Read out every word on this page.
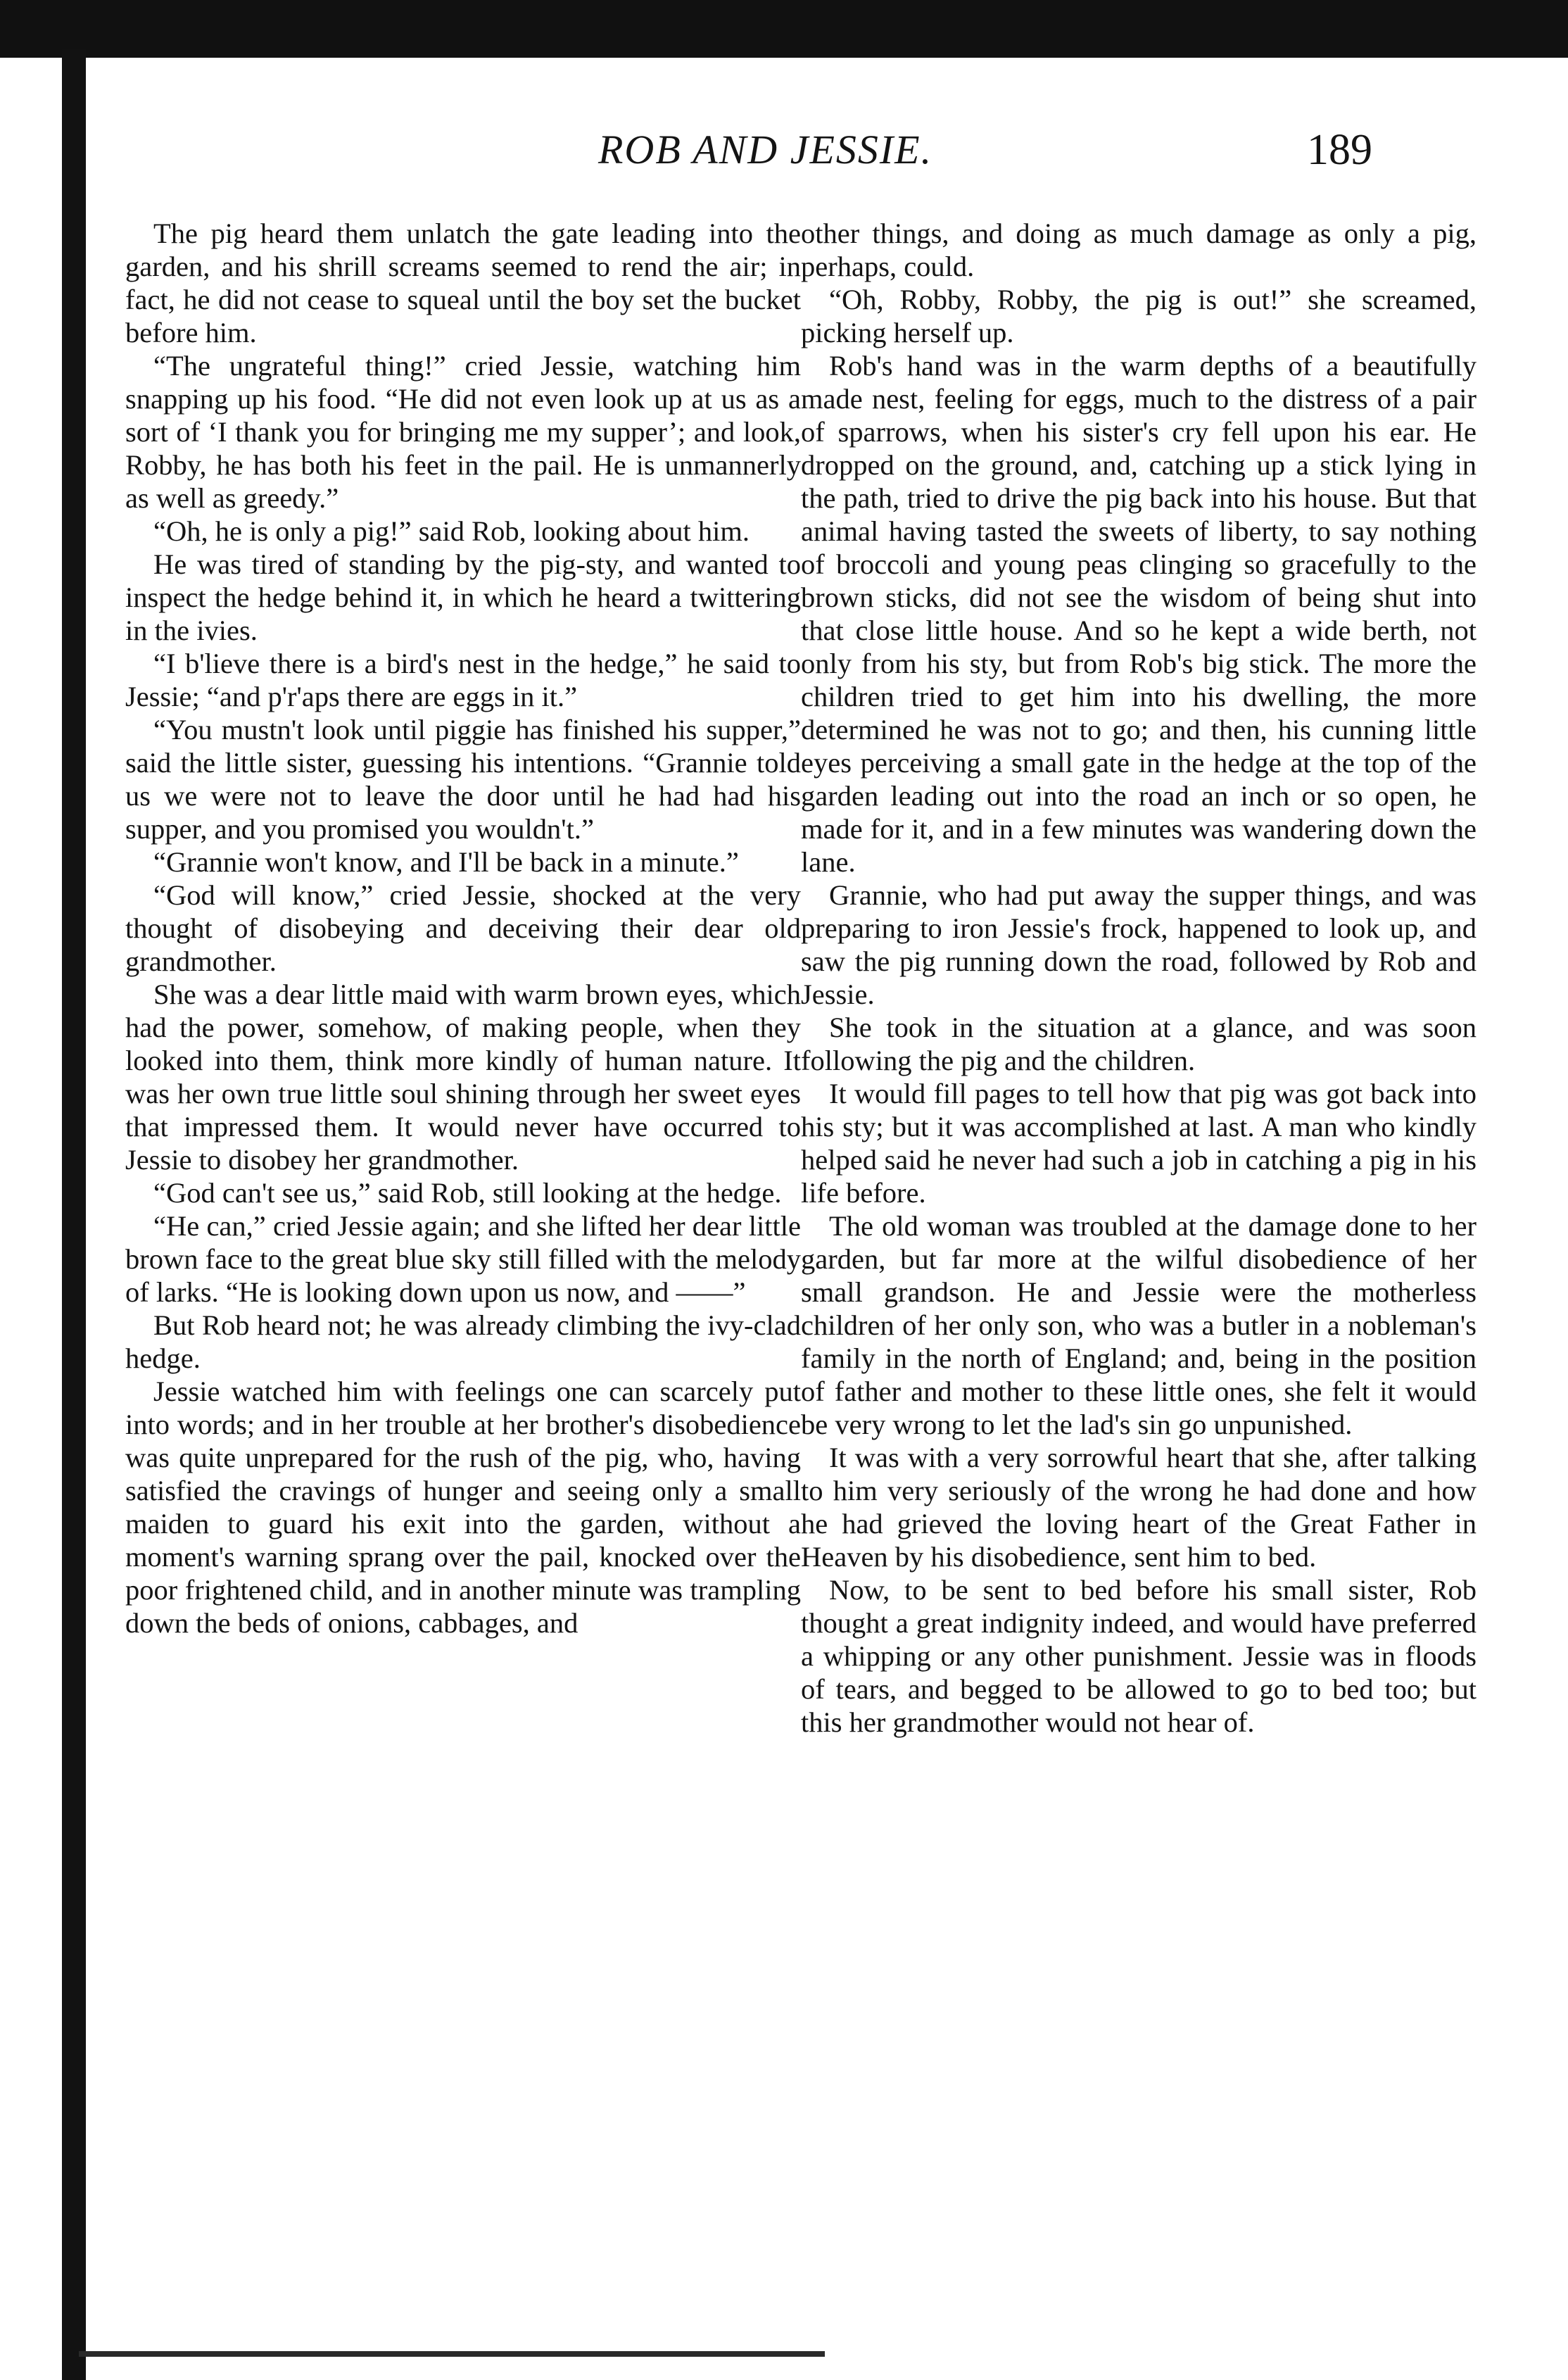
ROB AND JESSIE.	189

The pig heard them unlatch the gate leading into the garden, and his shrill screams seemed to rend the air; in fact, he did not cease to squeal until the boy set the bucket before him.

“The ungrateful thing!” cried Jessie, watching him snapping up his food. “He did not even look up at us as a sort of ‘I thank you for bringing me my supper’; and look, Robby, he has both his feet in the pail. He is unmannerly as well as greedy.”

“Oh, he is only a pig!” said Rob, looking about him.

He was tired of standing by the pig-sty, and wanted to inspect the hedge behind it, in which he heard a twittering in the ivies.

“I b'lieve there is a bird's nest in the hedge,” he said to Jessie; “and p'r'aps there are eggs in it.”

“You mustn't look until piggie has finished his supper,” said the little sister, guessing his intentions. “Grannie told us we were not to leave the door until he had had his supper, and you promised you wouldn't.”

“Grannie won't know, and I'll be back in a minute.”

“God will know,” cried Jessie, shocked at the very thought of disobeying and deceiving their dear old grandmother.

She was a dear little maid with warm brown eyes, which had the power, somehow, of making people, when they looked into them, think more kindly of human nature. It was her own true little soul shining through her sweet eyes that impressed them. It would never have occurred to Jessie to disobey her grandmother.

“God can't see us,” said Rob, still looking at the hedge.

“He can,” cried Jessie again; and she lifted her dear little brown face to the great blue sky still filled with the melody of larks. “He is looking down upon us now, and ——”

But Rob heard not; he was already climbing the ivy-clad hedge.

Jessie watched him with feelings one can scarcely put into words; and in her trouble at her brother's disobedience was quite unprepared for the rush of the pig, who, having satisfied the cravings of hunger and seeing only a small maiden to guard his exit into the garden, without a moment's warning sprang over the pail, knocked over the poor frightened child, and in another minute was trampling down the beds of onions, cabbages, and

other things, and doing as much damage as only a pig, perhaps, could.

“Oh, Robby, Robby, the pig is out!” she screamed, picking herself up.

Rob's hand was in the warm depths of a beautifully made nest, feeling for eggs, much to the distress of a pair of sparrows, when his sister's cry fell upon his ear. He dropped on the ground, and, catching up a stick lying in the path, tried to drive the pig back into his house. But that animal having tasted the sweets of liberty, to say nothing of broccoli and young peas clinging so gracefully to the brown sticks, did not see the wisdom of being shut into that close little house. And so he kept a wide berth, not only from his sty, but from Rob's big stick. The more the children tried to get him into his dwelling, the more determined he was not to go; and then, his cunning little eyes perceiving a small gate in the hedge at the top of the garden leading out into the road an inch or so open, he made for it, and in a few minutes was wandering down the lane.

Grannie, who had put away the supper things, and was preparing to iron Jessie's frock, happened to look up, and saw the pig running down the road, followed by Rob and Jessie.

She took in the situation at a glance, and was soon following the pig and the children.

It would fill pages to tell how that pig was got back into his sty; but it was accomplished at last. A man who kindly helped said he never had such a job in catching a pig in his life before.

The old woman was troubled at the damage done to her garden, but far more at the wilful disobedience of her small grandson. He and Jessie were the motherless children of her only son, who was a butler in a nobleman's family in the north of England; and, being in the position of father and mother to these little ones, she felt it would be very wrong to let the lad's sin go unpunished.

It was with a very sorrowful heart that she, after talking to him very seriously of the wrong he had done and how he had grieved the loving heart of the Great Father in Heaven by his disobedience, sent him to bed.

Now, to be sent to bed before his small sister, Rob thought a great indignity indeed, and would have preferred a whipping or any other punishment. Jessie was in floods of tears, and begged to be allowed to go to bed too; but this her grandmother would not hear of.
